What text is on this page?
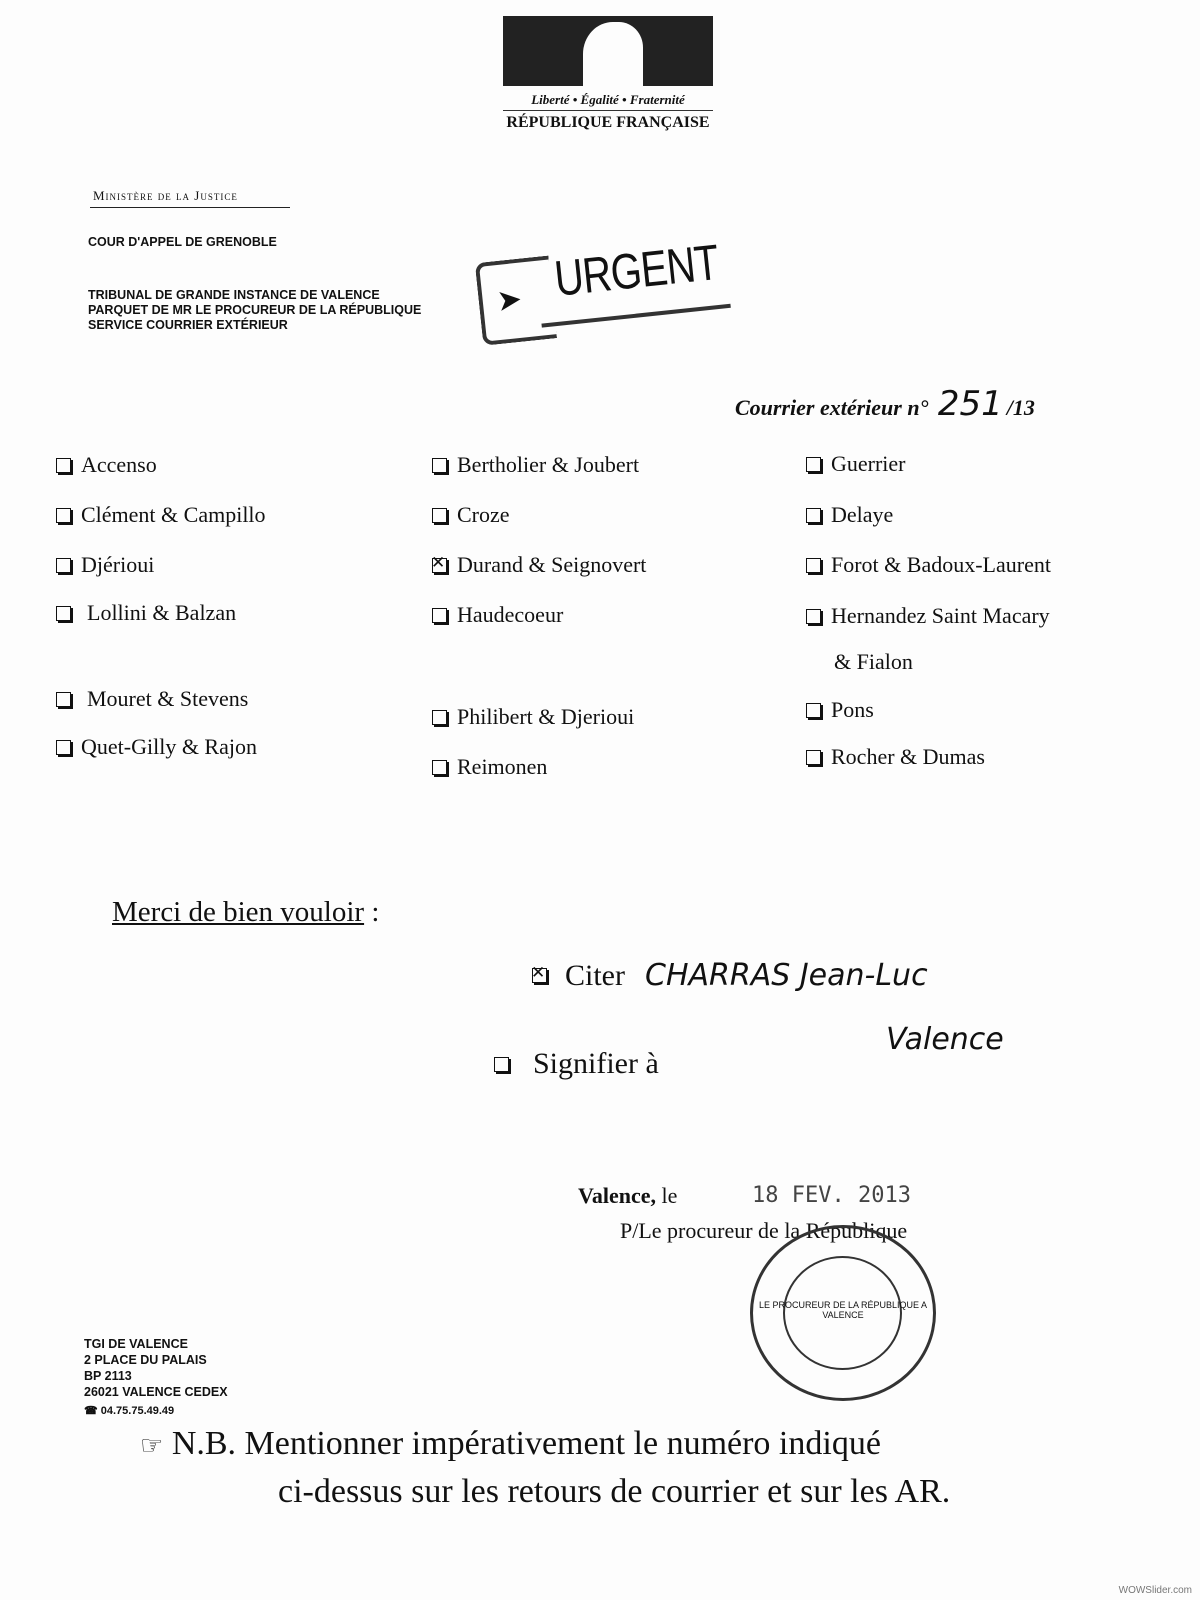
Liberté • Égalité • Fraternité
RÉPUBLIQUE FRANÇAISE
Ministère de la Justice
COUR D'APPEL DE GRENOBLE
TRIBUNAL DE GRANDE INSTANCE DE VALENCE
PARQUET DE MR LE PROCUREUR DE LA RÉPUBLIQUE
SERVICE COURRIER EXTÉRIEUR
➤ URGENT
Courrier extérieur n° 251 /13
Accenso
Clément & Campillo
Djérioui
Lollini & Balzan
Mouret & Stevens
Quet-Gilly & Rajon
Bertholier & Joubert
Croze
✕
Durand & Seignovert
Haudecoeur
Philibert & Djerioui
Reimonen
Guerrier
Delaye
Forot & Badoux-Laurent
Hernandez Saint Macary
& Fialon
Pons
Rocher & Dumas
Merci de bien vouloir :
✕
Citer CHARRAS Jean-Luc
Signifier à
Valence
Valence, le	18 FEV. 2013
P/Le procureur de la République
LE PROCUREUR DE LA RÉPUBLIQUE A VALENCE
TGI DE VALENCE
2 PLACE DU PALAIS
BP 2113
26021 VALENCE CEDEX
☎ 04.75.75.49.49
☞ N.B. Mentionner impérativement le numéro indiqué
ci-dessus sur les retours de courrier et sur les AR.
WOWSlider.com
